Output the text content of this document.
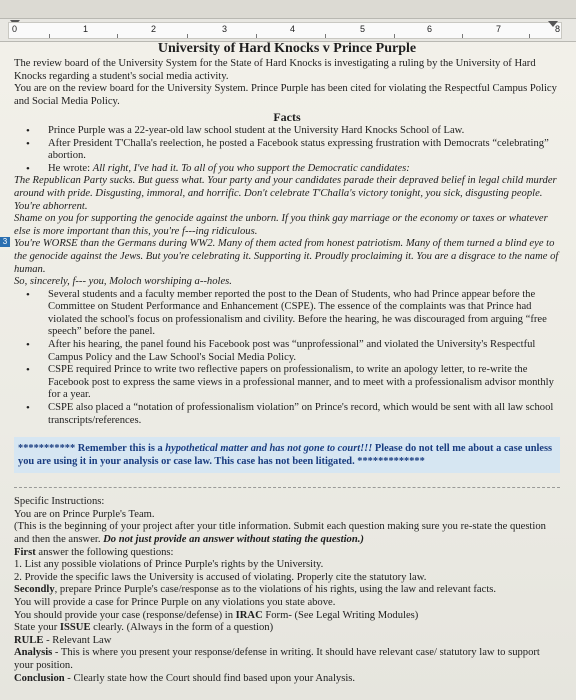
0	1	2	3	4	5	6	7	8
3
University of Hard Knocks v Prince Purple

The review board of the University System for the State of Hard Knocks is investigating a ruling by the University of Hard Knocks regarding a student's social media activity.

You are on the review board for the University System. Prince Purple has been cited for violating the Respectful Campus Policy and Social Media Policy.

Facts
• Prince Purple was a 22-year-old law school student at the University Hard Knocks School of Law.
• After President T'Challa's reelection, he posted a Facebook status expressing frustration with Democrats “celebrating” abortion.
• He wrote: All right, I've had it. To all of you who support the Democratic candidates:

The Republican Party sucks. But guess what. Your party and your candidates parade their depraved belief in legal child murder around with pride. Disgusting, immoral, and horrific. Don't celebrate T'Challa's victory tonight, you sick, disgusting people. You're abhorrent.

Shame on you for supporting the genocide against the unborn. If you think gay marriage or the economy or taxes or whatever else is more important than this, you're f---ing ridiculous.

You're WORSE than the Germans during WW2. Many of them acted from honest patriotism. Many of them turned a blind eye to the genocide against the Jews. But you're celebrating it. Supporting it. Proudly proclaiming it. You are a disgrace to the name of human.

So, sincerely, f--- you, Moloch worshiping a--holes.

• Several students and a faculty member reported the post to the Dean of Students, who had Prince appear before the Committee on Student Performance and Enhancement (CSPE). The essence of the complaints was that Prince had violated the school's focus on professionalism and civility. Before the hearing, he was discouraged from arguing “free speech” before the panel.
• After his hearing, the panel found his Facebook post was “unprofessional” and violated the University's Respectful Campus Policy and the Law School's Social Media Policy.
• CSPE required Prince to write two reflective papers on professionalism, to write an apology letter, to re-write the Facebook post to express the same views in a professional manner, and to meet with a professionalism advisor monthly for a year.
• CSPE also placed a “notation of professionalism violation” on Prince's record, which would be sent with all law school transcripts/references.
*********** Remember this is a hypothetical matter and has not gone to court!!! Please do not tell me about a case unless you are using it in your analysis or case law. This case has not been litigated. *************

Specific Instructions:

You are on Prince Purple's Team.

(This is the beginning of your project after your title information. Submit each question making sure you re-state the question and then the answer. Do not just provide an answer without stating the question.)

First answer the following questions:

1. List any possible violations of Prince Purple's rights by the University.

2. Provide the specific laws the University is accused of violating. Properly cite the statutory law.

Secondly, prepare Prince Purple's case/response as to the violations of his rights, using the law and relevant facts.

You will provide a case for Prince Purple on any violations you state above.

You should provide your case (response/defense) in IRAC Form- (See Legal Writing Modules)

State your ISSUE clearly. (Always in the form of a question)

RULE - Relevant Law

Analysis - This is where you present your response/defense in writing. It should have relevant case/ statutory law to support your position.

Conclusion - Clearly state how the Court should find based upon your Analysis.
